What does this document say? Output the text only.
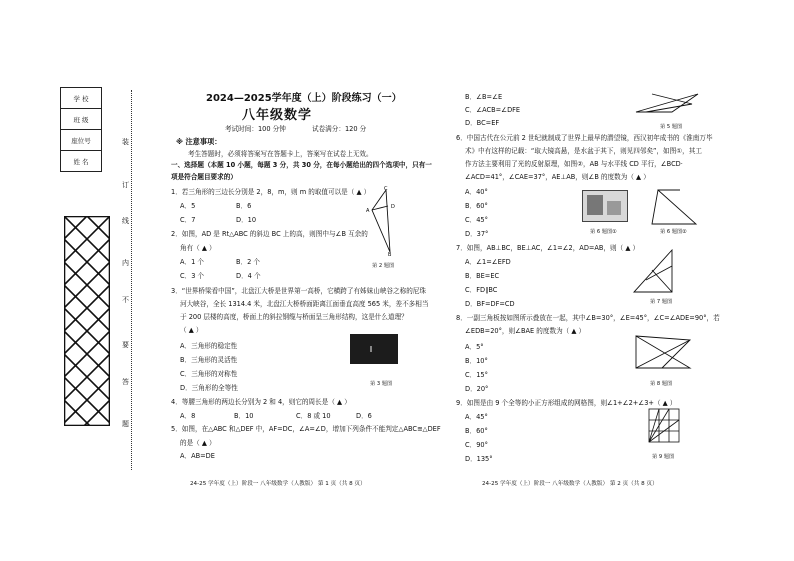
学 校
班 级
座位号
姓 名
装
订
线
内
不
要
答
题
2024—2025学年度（上）阶段练习（一）
八年级数学
考试时间：100 分钟	试卷满分：120 分
※ 注意事项：
考生答题时，必须将答案写在答题卡上，答案写在试卷上无效。
一、选择题（本题 10 小题，每题 3 分，共 30 分，在每小题给出的四个选项中，只有一
项是符合题目要求的）
1．若三角形的三边长分别是 2，8，m，则 m 的取值可以是（ ▲ ）
A．5	B．6
C．7	D．10
2．如图，AD 是 Rt△ABC 的斜边 BC 上的高，则图中与∠B 互余的
角有（ ▲ ）
A．1 个	B．2 个
C．3 个	D．4 个
C
A
D
B
第 2 题图
3．“世界桥梁看中国”，北盘江大桥是世界第一高桥，它横跨了有姊妹山峡谷之称的尼珠
河大峡谷，全长 1314.4 米，北盘江大桥桥面距离江面垂直高度 565 米，差不多相当
于 200 层楼的高度，桥面上的斜拉钢缆与桥面呈三角形结构，这是什么道理？
（ ▲ ）
A．三角形的稳定性
B．三角形的灵活性
C．三角形的对称性
D．三角形的全等性	第 3 题图
4．等腰三角形的两边长分别为 2 和 4，则它的周长是（ ▲ ）
A．8	B．10	C．8 或 10	D．6
5．如图，在△ABC 和△DEF 中，AF=DC，∠A=∠D，增加下列条件不能判定△ABC≌△DEF
的是（ ▲ ）
A．AB=DE
24-25 学年度（上）阶段一 八年级数学（人教版） 第 1 页（共 8 页）
B．∠B=∠E
C．∠ACB=∠DFE
D．BC=EF	第 5 题图
6．中国古代在公元前 2 世纪就制成了世界上最早的潜望镜，西汉初年成书的《淮南万毕
术》中有这样的记载：“取大镜高悬，是水盆于其下，则见四邻矣”，如图①，其工
作方法主要利用了光的反射原理，如图②，AB 与水平线 CD 平行，∠BCD·
∠ACD=41°，∠CAE=37°，AE⊥AB，则∠B 的度数为（ ▲ ）
A．40°
B．60°
C．45°
D．37°	第 6 题图①	第 6 题图②
7．如图，AB⊥BC，BE⊥AC，∠1=∠2，AD=AB，则（ ▲ ）
A．∠1=∠EFD
B．BE=EC
C．FD∥BC
D．BF=DF=CD	第 7 题图
8．一副三角板按如图所示叠放在一起，其中∠B=30°，∠E=45°，∠C=∠ADE=90°，若
∠EDB=20°，则∠BAE 的度数为（ ▲ ）
A．5°
B．10°
C．15°
D．20°
第 8 题图
9．如图是由 9 个全等的小正方形组成的网格图，则∠1+∠2+∠3+（ ▲ ）
A．45°
B．60°
C．90°
D．135°	第 9 题图
24-25 学年度（上）阶段一 八年级数学（人教版） 第 2 页（共 8 页）
